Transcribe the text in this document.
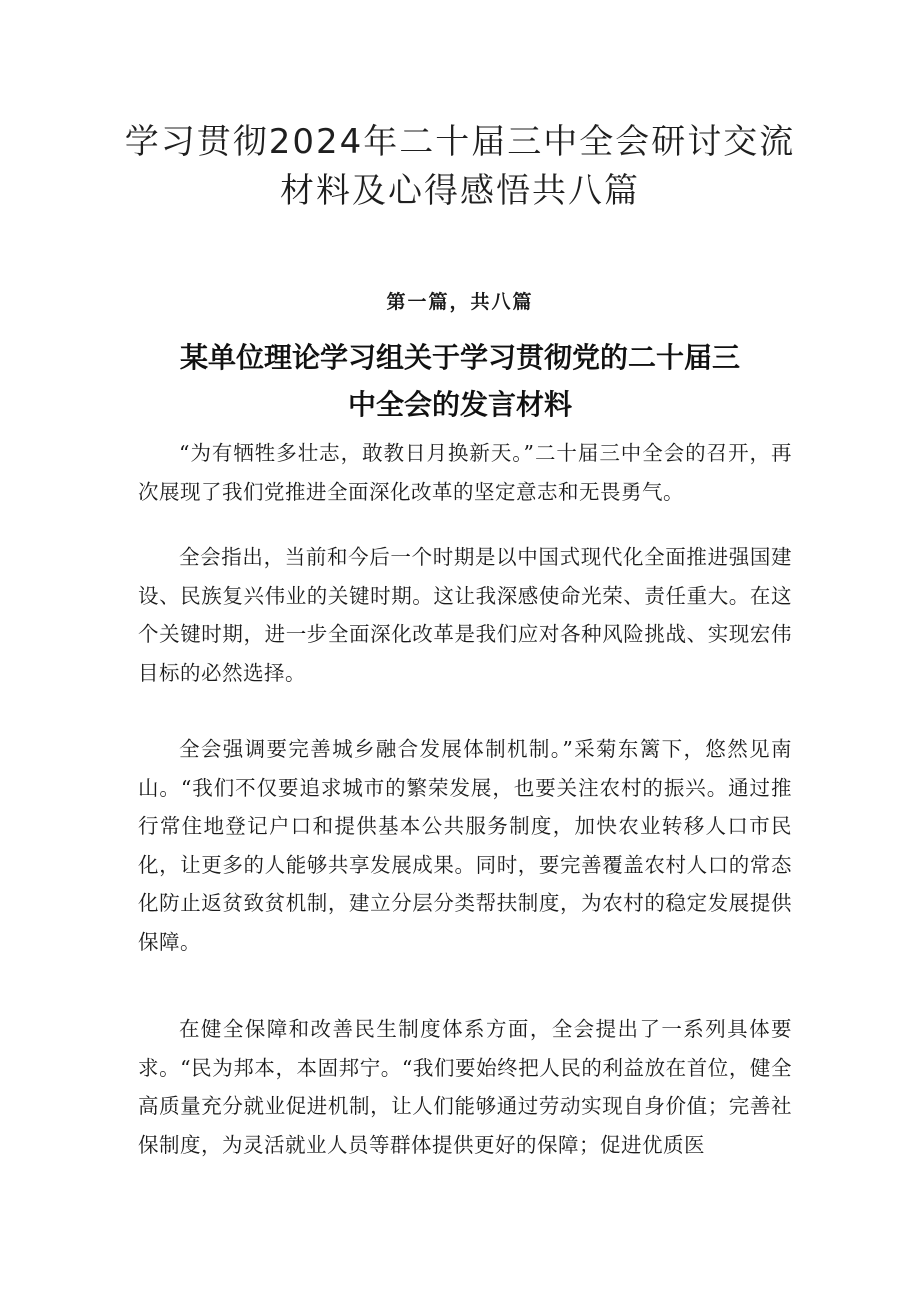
学习贯彻2024年二十届三中全会研讨交流
材料及心得感悟共八篇
第一篇，共八篇
某单位理论学习组关于学习贯彻党的二十届三
中全会的发言材料

“为有牺牲多壮志，敢教日月换新天。”二十届三中全会的召开，再次展现了我们党推进全面深化改革的坚定意志和无畏勇气。

全会指出，当前和今后一个时期是以中国式现代化全面推进强国建设、民族复兴伟业的关键时期。这让我深感使命光荣、责任重大。在这个关键时期，进一步全面深化改革是我们应对各种风险挑战、实现宏伟目标的必然选择。

全会强调要完善城乡融合发展体制机制。”采菊东篱下，悠然见南山。“我们不仅要追求城市的繁荣发展，也要关注农村的振兴。通过推行常住地登记户口和提供基本公共服务制度，加快农业转移人口市民化，让更多的人能够共享发展成果。同时，要完善覆盖农村人口的常态化防止返贫致贫机制，建立分层分类帮扶制度，为农村的稳定发展提供保障。

在健全保障和改善民生制度体系方面，全会提出了一系列具体要求。“民为邦本，本固邦宁。“我们要始终把人民的利益放在首位，健全高质量充分就业促进机制，让人们能够通过劳动实现自身价值；完善社保制度，为灵活就业人员等群体提供更好的保障；促进优质医
